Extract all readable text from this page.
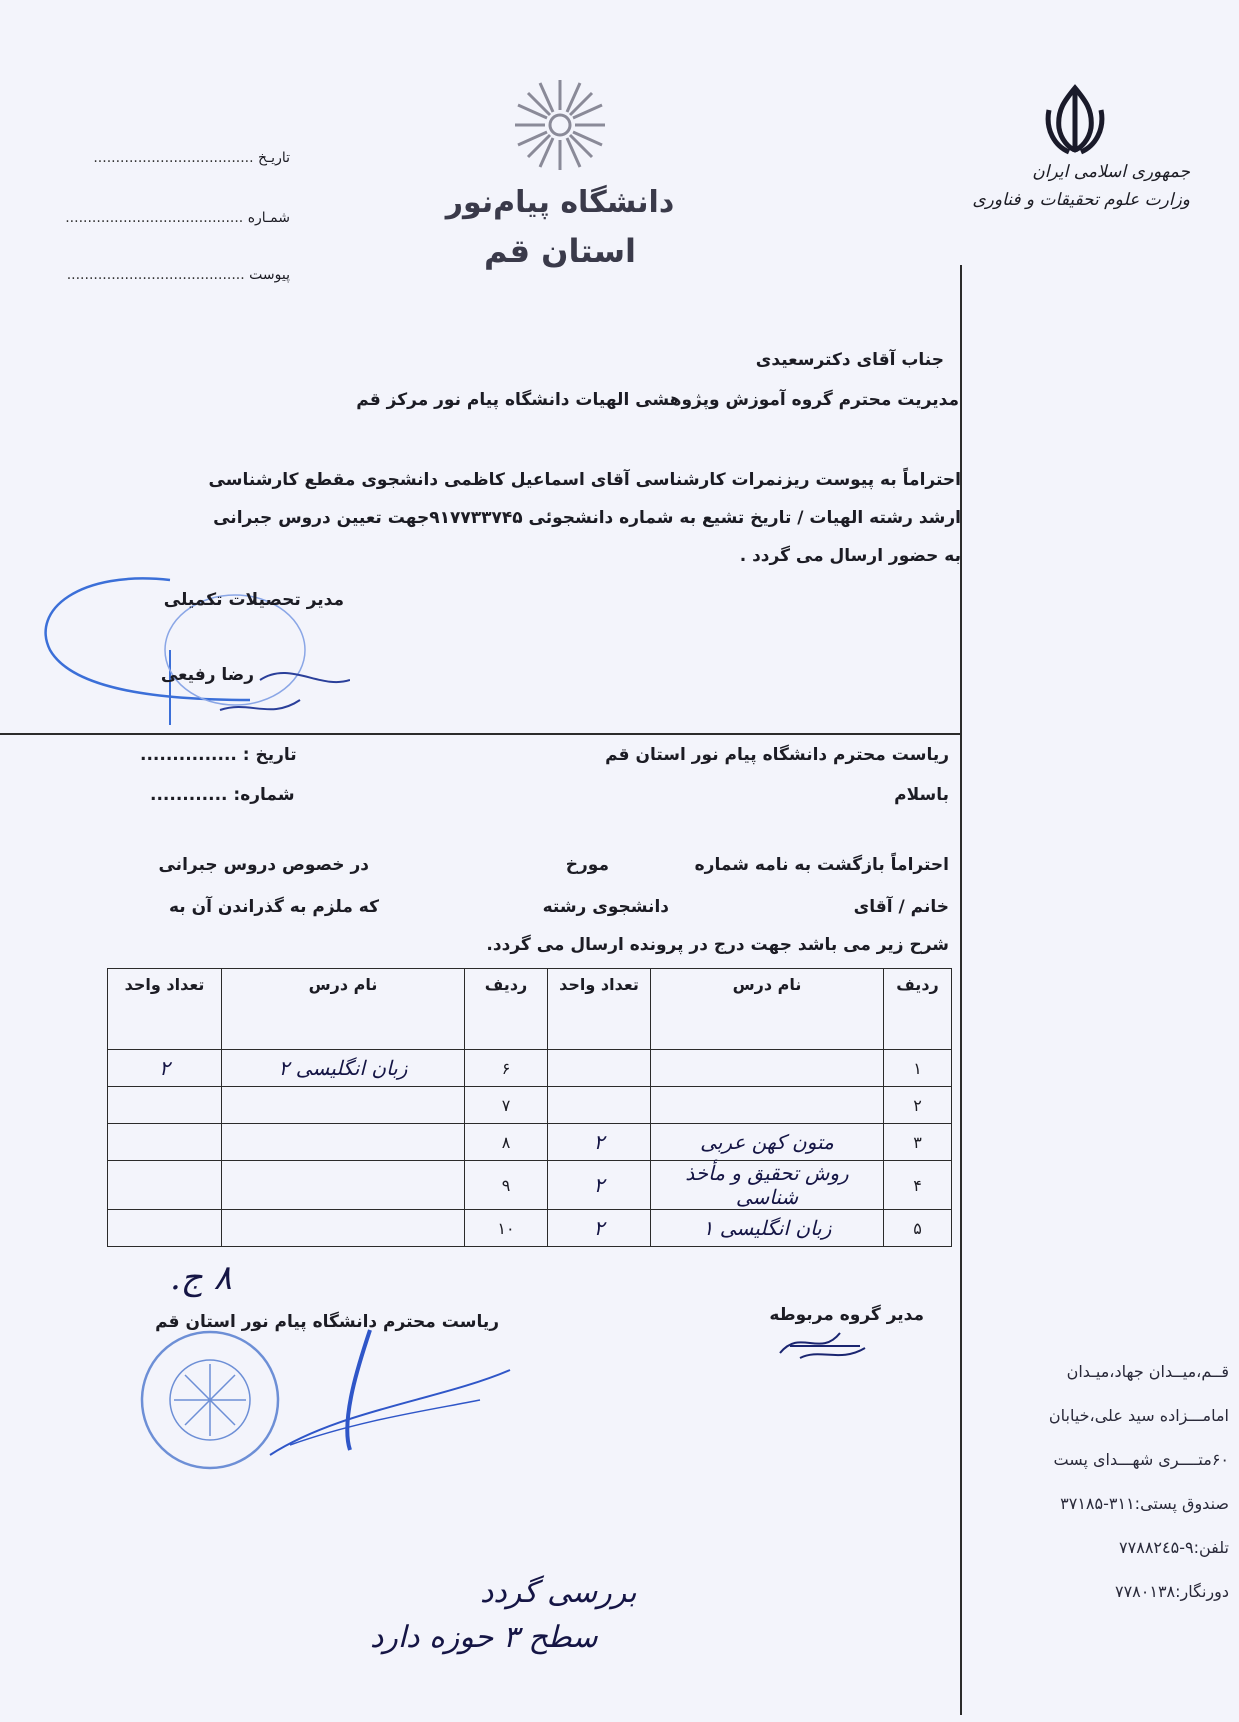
جمهوری اسلامی ایران
وزارت علوم تحقیقات و فناوری
دانشگاه پیام‌نور
استان قم
تاریـخ ....................................
شمـاره ........................................
پیوست ........................................
جناب آقای دکترسعیدی
مدیریت محترم گروه آموزش وپژوهشی الهیات دانشگاه پیام نور مرکز قم
احتراماً به پیوست ریزنمرات کارشناسی آقای اسماعیل کاظمی دانشجوی مقطع کارشناسی
ارشد رشته الهیات / تاریخ تشیع به شماره دانشجوئی ۹۱۷۷۳۳۷۴۵جهت تعیین دروس جبرانی
به حضور ارسال می گردد .
مدیر تحصیلات تکمیلی
رضا رفیعی
ریاست محترم دانشگاه پیام نور استان قم
باسلام
تاریخ : ...............
شماره: ............
احتراماً بازگشت به نامه شماره
مورخ
در خصوص دروس جبرانی
خانم / آقای
دانشجوی رشته
که ملزم به گذراندن آن به
شرح زیر می باشد جهت درج در پرونده ارسال می گردد.
ردیف	نام درس	تعداد واحد	ردیف	نام درس	تعداد واحد
۱			۶	زبان انگلیسی ۲	۲
۲			۷		
۳	متون کهن عربی	۲	۸		
۴	روش تحقیق و مأخذ شناسی	۲	۹		
۵	زبان انگلیسی ۱	۲	۱۰		
۸ ج.
مدیر گروه مربوطه
ریاست محترم دانشگاه پیام نور استان قم
بررسی گردد
سطح ۳ حوزه دارد
قــم،میــدان جهاد،میـدان
امامـــزاده سید علی،خیابان
۶۰متــــری شهـــدای پست
صندوق پستی:۳۱۱-۳۷۱۸۵
تلفن:۹-۷۷۸۸۲٤۵
دورنگار:۷۷۸۰۱۳۸
